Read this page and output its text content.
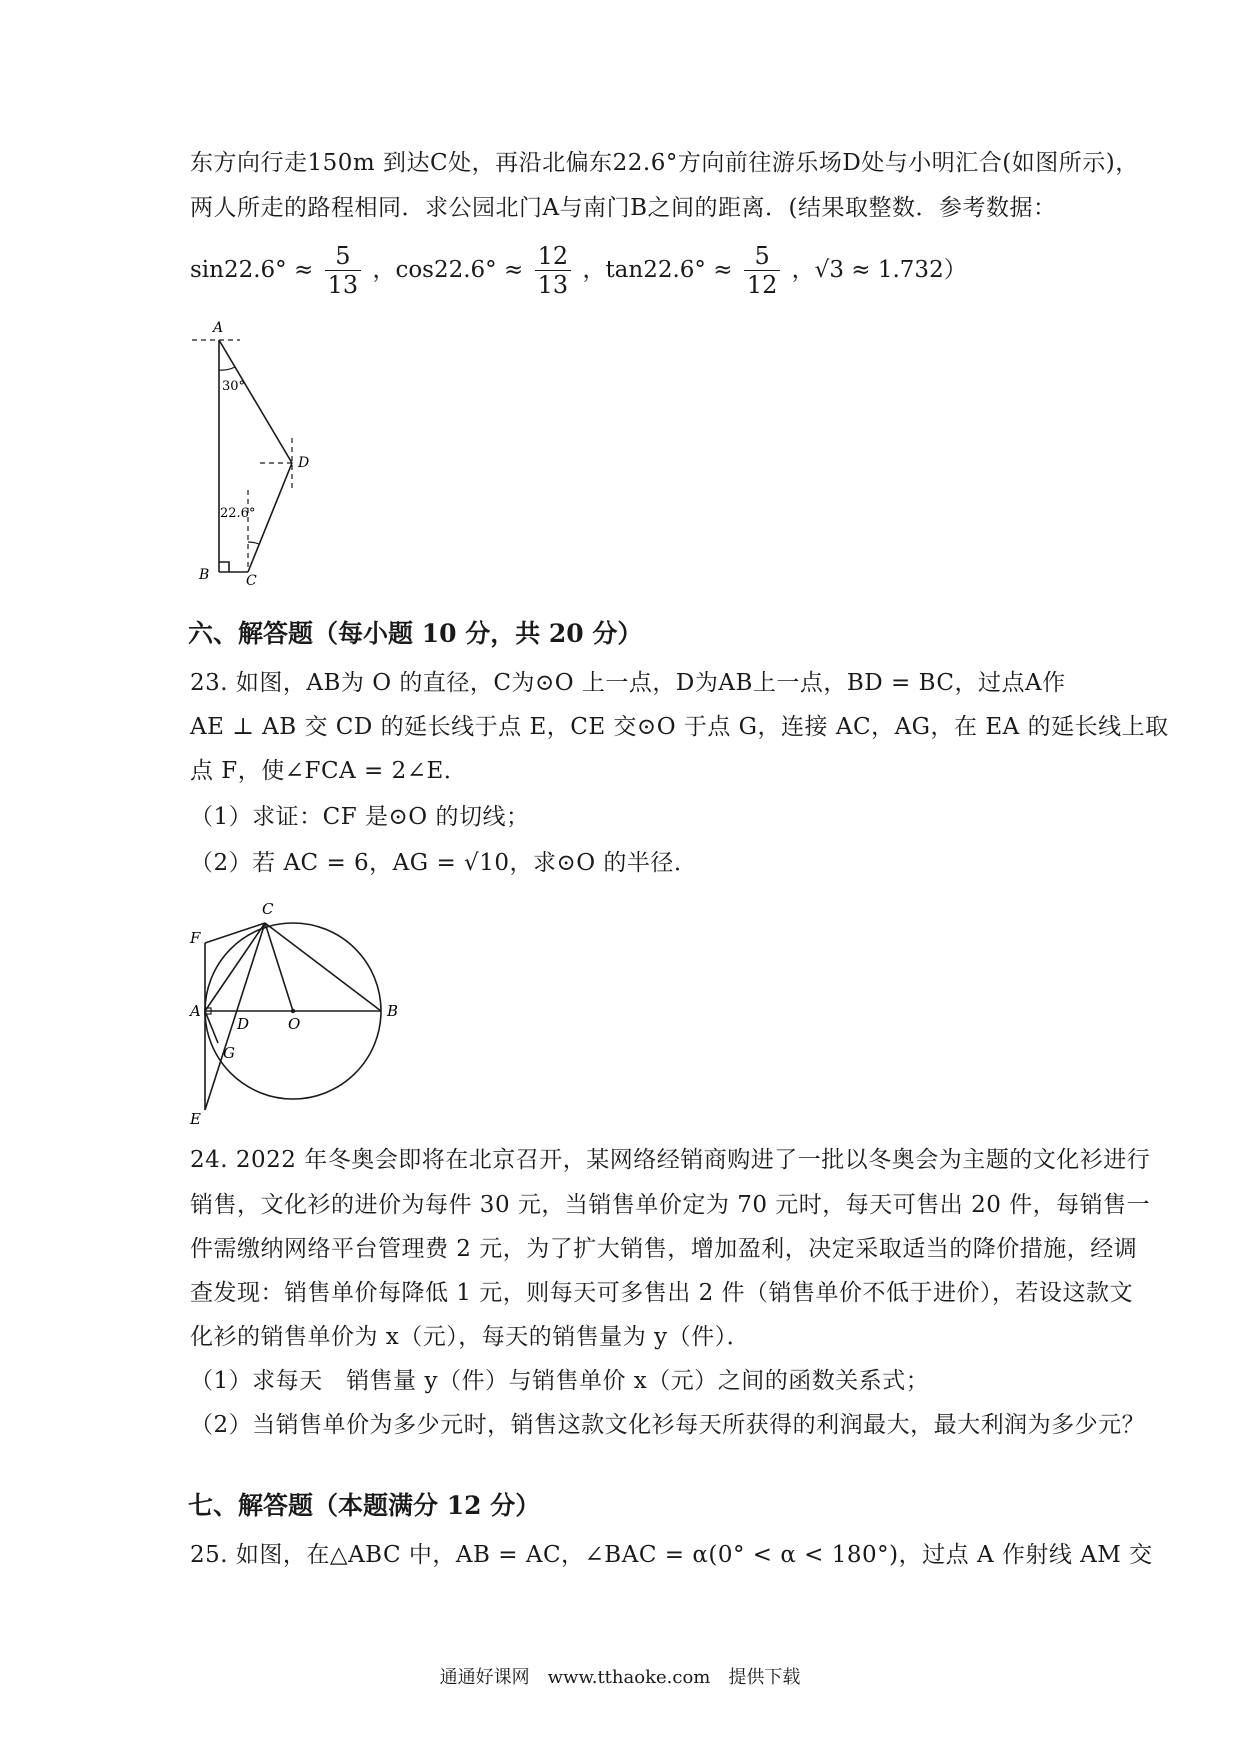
东方向行走150m 到达C处，再沿北偏东22.6°方向前往游乐场D处与小明汇合(如图所示)，
两人所走的路程相同．求公园北门A与南门B之间的距离．(结果取整数．参考数据：
$\sin 22.6^\circ \approx \frac{5}{13}$ ，$\cos 22.6^\circ \approx \frac{12}{13}$ ，$\tan 22.6^\circ \approx \frac{5}{12}$ ，√3 ≈ 1.732）
A
B	C
D
30°
22.6°
六、解答题（每小题 10 分，共 20 分）
23. 如图，AB为 O 的直径，C为⊙O 上一点，D为AB上一点，BD = BC，过点A作
AE ⊥ AB 交 CD 的延长线于点 E，CE 交⊙O 于点 G，连接 AC，AG，在 EA 的延长线上取
点 F，使∠FCA = 2∠E．
（1）求证：CF 是⊙O 的切线；
（2）若 AC = 6，AG = √10，求⊙O 的半径．
C
F
A
D	O
B
G
E
24. 2022 年冬奥会即将在北京召开，某网络经销商购进了一批以冬奥会为主题的文化衫进行
销售，文化衫的进价为每件 30 元，当销售单价定为 70 元时，每天可售出 20 件，每销售一
件需缴纳网络平台管理费 2 元，为了扩大销售，增加盈利，决定采取适当的降价措施，经调
查发现：销售单价每降低 1 元，则每天可多售出 2 件（销售单价不低于进价），若设这款文
化衫的销售单价为 x（元），每天的销售量为 y（件）．
（1）求每天　销售量 y（件）与销售单价 x（元）之间的函数关系式；
（2）当销售单价为多少元时，销售这款文化衫每天所获得的利润最大，最大利润为多少元？
七、解答题（本题满分 12 分）
25. 如图，在△ABC 中，AB = AC，∠BAC = α(0° < α < 180°)，过点 A 作射线 AM 交
通通好课网　www.tthaoke.com　提供下载
